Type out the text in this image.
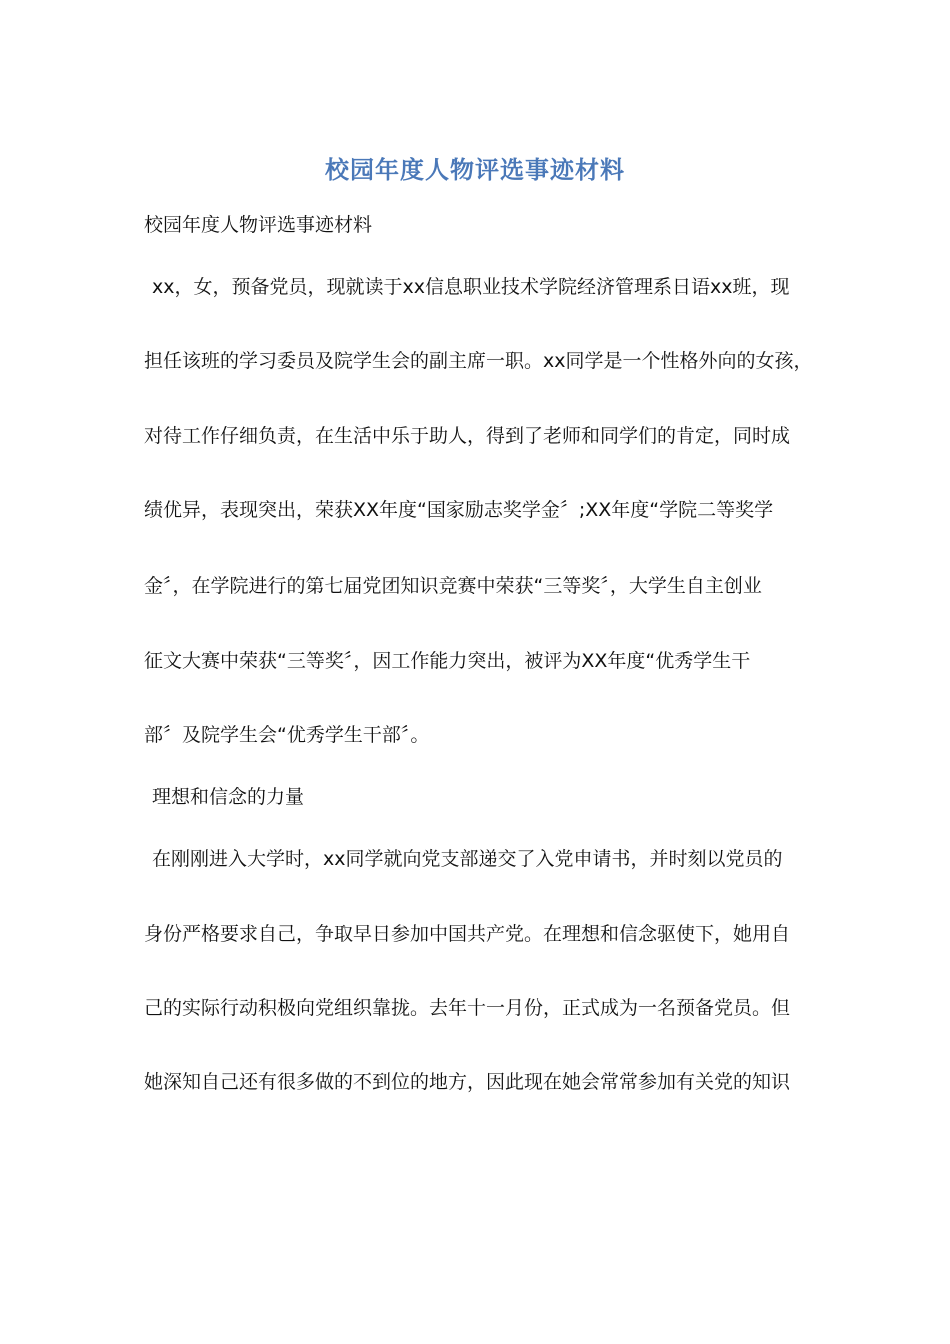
校园年度人物评选事迹材料
校园年度人物评选事迹材料
xx，女，预备党员，现就读于xx信息职业技术学院经济管理系日语xx班，现
担任该班的学习委员及院学生会的副主席一职。xx同学是一个性格外向的女孩，
对待工作仔细负责，在生活中乐于助人，得到了老师和同学们的肯定，同时成
绩优异，表现突出，荣获XX年度“国家励志奖学金〞;XX年度“学院二等奖学
金〞，在学院进行的第七届党团知识竞赛中荣获“三等奖〞，大学生自主创业
征文大赛中荣获“三等奖〞，因工作能力突出，被评为XX年度“优秀学生干
部〞及院学生会“优秀学生干部〞。
理想和信念的力量
在刚刚进入大学时，xx同学就向党支部递交了入党申请书，并时刻以党员的
身份严格要求自己，争取早日参加中国共产党。在理想和信念驱使下，她用自
己的实际行动积极向党组织靠拢。去年十一月份，正式成为一名预备党员。但
她深知自己还有很多做的不到位的地方，因此现在她会常常参加有关党的知识
